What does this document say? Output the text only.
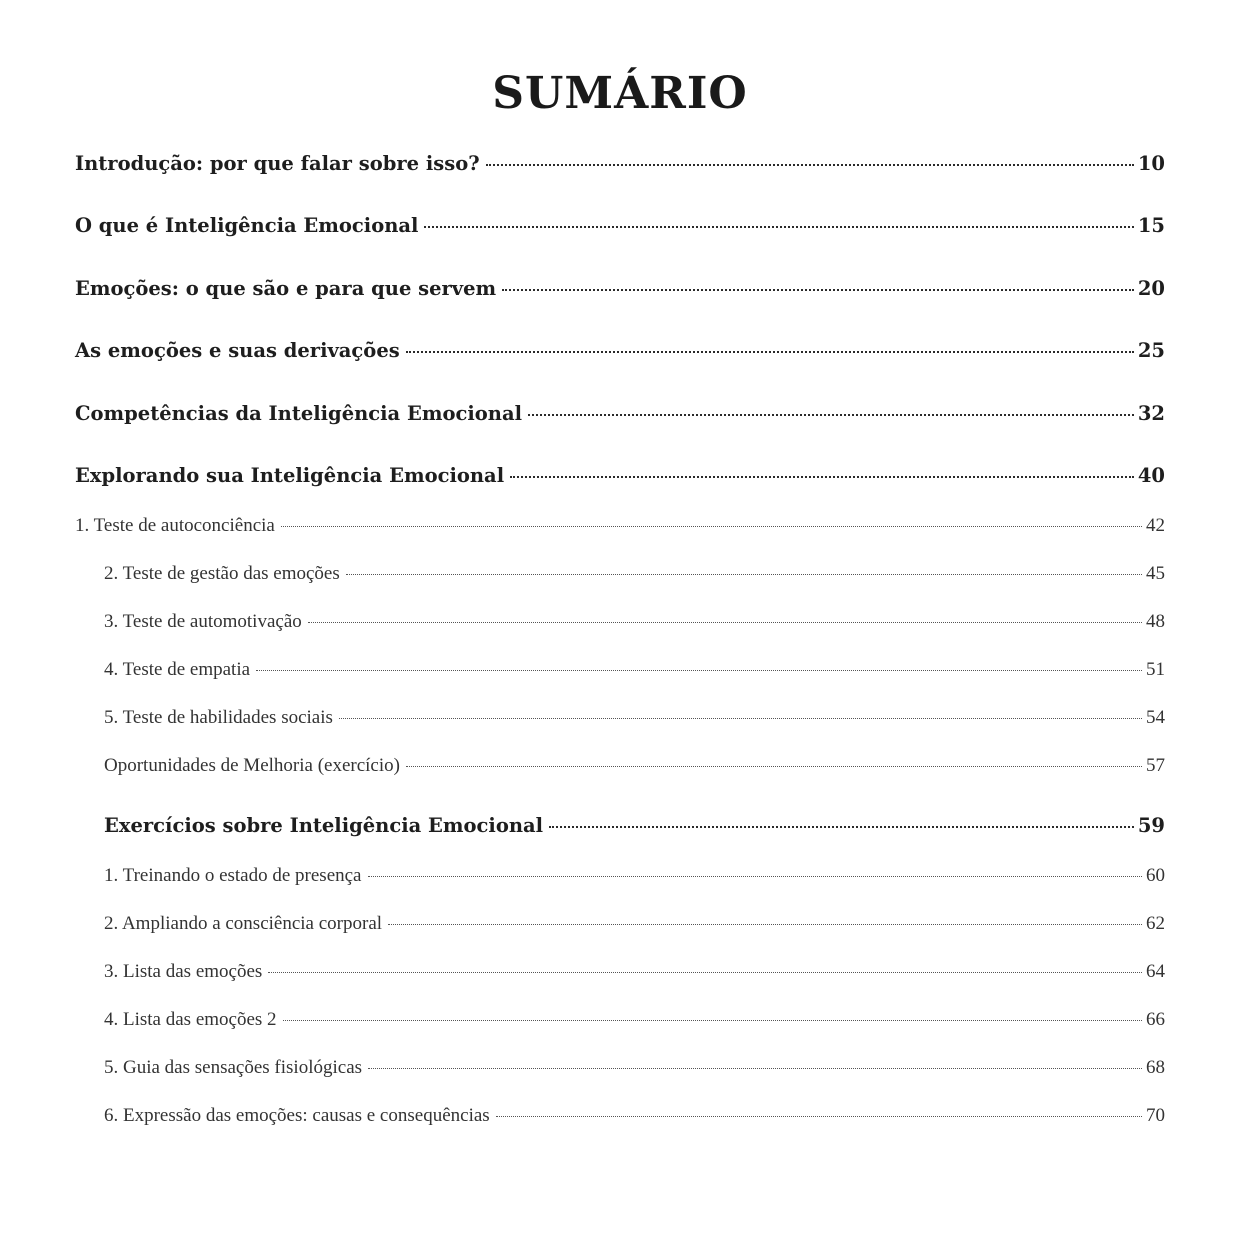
SUMÁRIO
Introdução: por que falar sobre isso?	10
O que é Inteligência Emocional	15
Emoções: o que são e para que servem	20
As emoções e suas derivações	25
Competências da Inteligência Emocional	32
Explorando sua Inteligência Emocional	40
1. Teste de autoconciência	42
2. Teste de gestão das emoções	45
3. Teste de automotivação	48
4. Teste de empatia	51
5. Teste de habilidades sociais	54
Oportunidades de Melhoria (exercício)	57
Exercícios sobre Inteligência Emocional	59
1. Treinando o estado de presença	60
2. Ampliando a consciência corporal	62
3. Lista das emoções	64
4. Lista das emoções 2	66
5. Guia das sensações fisiológicas	68
6. Expressão das emoções: causas e consequências	70
